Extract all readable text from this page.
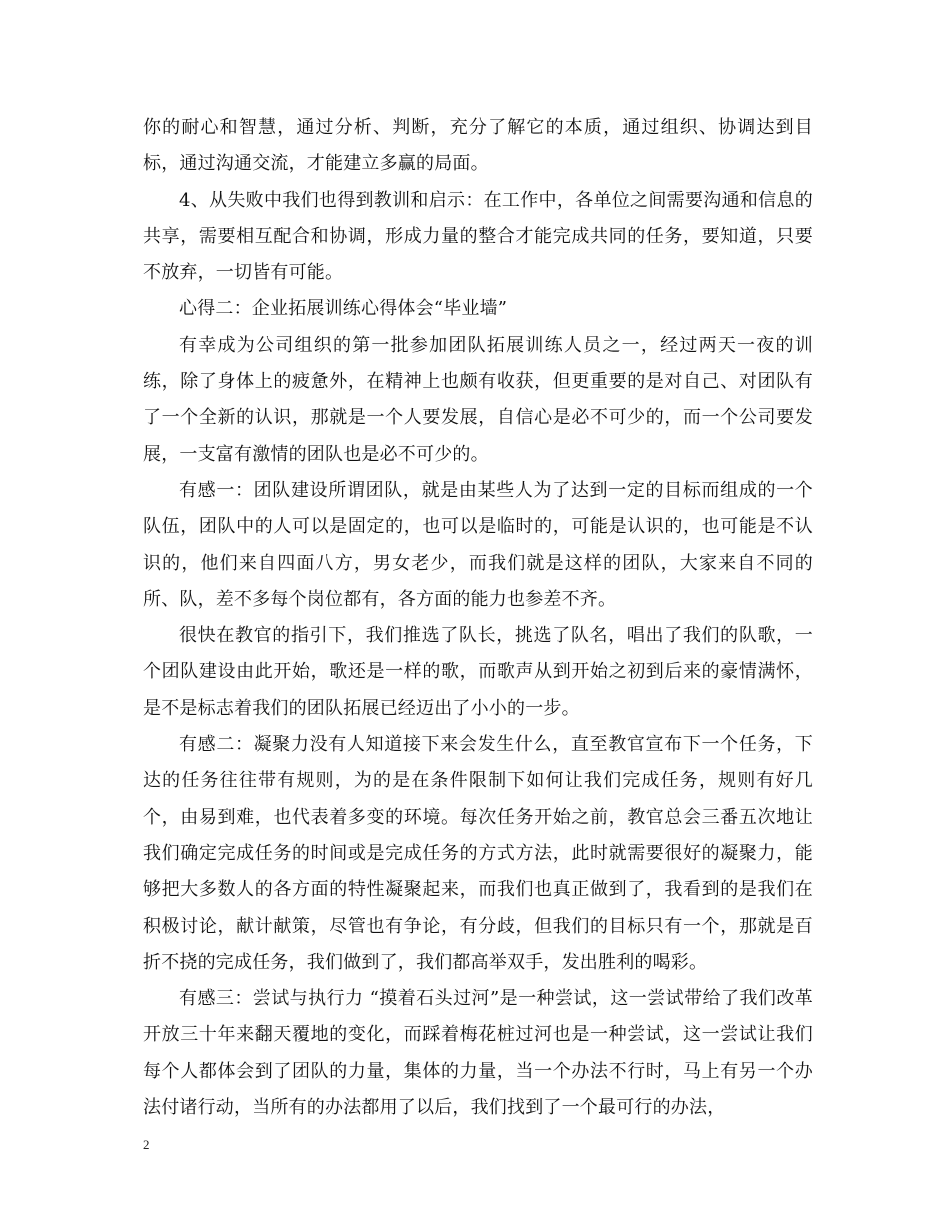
你的耐心和智慧，通过分析、判断，充分了解它的本质，通过组织、协调达到目标，通过沟通交流，才能建立多赢的局面。

4、从失败中我们也得到教训和启示：在工作中，各单位之间需要沟通和信息的共享，需要相互配合和协调，形成力量的整合才能完成共同的任务，要知道，只要不放弃，一切皆有可能。

心得二：企业拓展训练心得体会“毕业墙”

有幸成为公司组织的第一批参加团队拓展训练人员之一，经过两天一夜的训练，除了身体上的疲惫外，在精神上也颇有收获，但更重要的是对自己、对团队有了一个全新的认识，那就是一个人要发展，自信心是必不可少的，而一个公司要发展，一支富有激情的团队也是必不可少的。

有感一：团队建设所谓团队，就是由某些人为了达到一定的目标而组成的一个队伍，团队中的人可以是固定的，也可以是临时的，可能是认识的，也可能是不认识的，他们来自四面八方，男女老少，而我们就是这样的团队，大家来自不同的所、队，差不多每个岗位都有，各方面的能力也参差不齐。

很快在教官的指引下，我们推选了队长，挑选了队名，唱出了我们的队歌，一个团队建设由此开始，歌还是一样的歌，而歌声从到开始之初到后来的豪情满怀，是不是标志着我们的团队拓展已经迈出了小小的一步。

有感二：凝聚力没有人知道接下来会发生什么，直至教官宣布下一个任务，下达的任务往往带有规则，为的是在条件限制下如何让我们完成任务，规则有好几个，由易到难，也代表着多变的环境。每次任务开始之前，教官总会三番五次地让我们确定完成任务的时间或是完成任务的方式方法，此时就需要很好的凝聚力，能够把大多数人的各方面的特性凝聚起来，而我们也真正做到了，我看到的是我们在积极讨论，献计献策，尽管也有争论，有分歧，但我们的目标只有一个，那就是百折不挠的完成任务，我们做到了，我们都高举双手，发出胜利的喝彩。

有感三：尝试与执行力 “摸着石头过河”是一种尝试，这一尝试带给了我们改革开放三十年来翻天覆地的变化，而踩着梅花桩过河也是一种尝试，这一尝试让我们每个人都体会到了团队的力量，集体的力量，当一个办法不行时，马上有另一个办法付诸行动，当所有的办法都用了以后，我们找到了一个最可行的办法，

2
